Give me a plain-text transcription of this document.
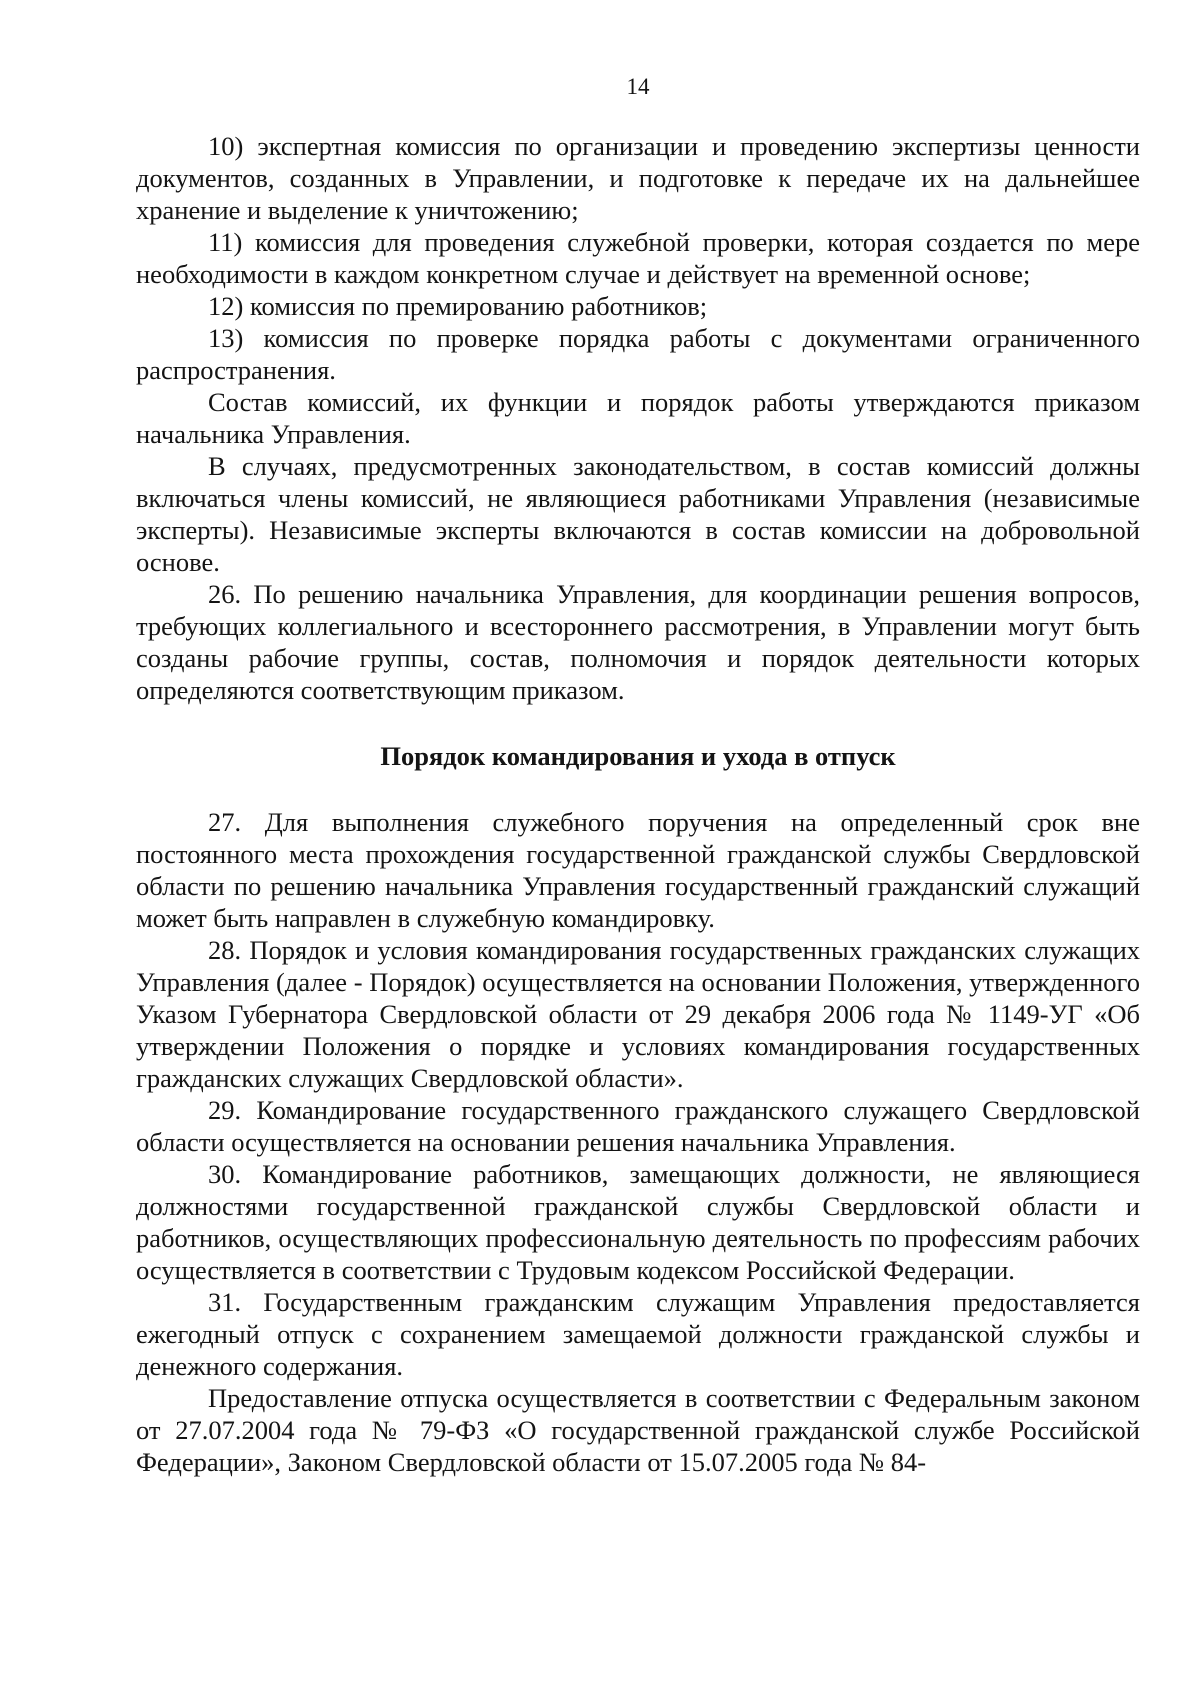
14

10) экспертная комиссия по организации и проведению экспертизы ценности документов, созданных в Управлении, и подготовке к передаче их на дальнейшее хранение и выделение к уничтожению;

11) комиссия для проведения служебной проверки, которая создается по мере необходимости в каждом конкретном случае и действует на временной основе;

12) комиссия по премированию работников;

13) комиссия по проверке порядка работы с документами ограниченного распространения.

Состав комиссий, их функции и порядок работы утверждаются приказом начальника Управления.

В случаях, предусмотренных законодательством, в состав комиссий должны включаться члены комиссий, не являющиеся работниками Управления (независимые эксперты). Независимые эксперты включаются в состав комиссии на добровольной основе.

26. По решению начальника Управления, для координации решения вопросов, требующих коллегиального и всестороннего рассмотрения, в Управлении могут быть созданы рабочие группы, состав, полномочия и порядок деятельности которых определяются соответствующим приказом.

Порядок командирования и ухода в отпуск

27. Для выполнения служебного поручения на определенный срок вне постоянного места прохождения государственной гражданской службы Свердловской области по решению начальника Управления государственный гражданский служащий может быть направлен в служебную командировку.

28. Порядок и условия командирования государственных гражданских служащих Управления (далее - Порядок) осуществляется на основании Положения, утвержденного Указом Губернатора Свердловской области от 29 декабря 2006 года № 1149-УГ «Об утверждении Положения о порядке и условиях командирования государственных гражданских служащих Свердловской области».

29. Командирование государственного гражданского служащего Свердловской области осуществляется на основании решения начальника Управления.

30. Командирование работников, замещающих должности, не являющиеся должностями государственной гражданской службы Свердловской области и работников, осуществляющих профессиональную деятельность по профессиям рабочих осуществляется в соответствии с Трудовым кодексом Российской Федерации.

31. Государственным гражданским служащим Управления предоставляется ежегодный отпуск с сохранением замещаемой должности гражданской службы и денежного содержания.

Предоставление отпуска осуществляется в соответствии с Федеральным законом от 27.07.2004 года № 79-ФЗ «О государственной гражданской службе Российской Федерации», Законом Свердловской области от 15.07.2005 года № 84-
